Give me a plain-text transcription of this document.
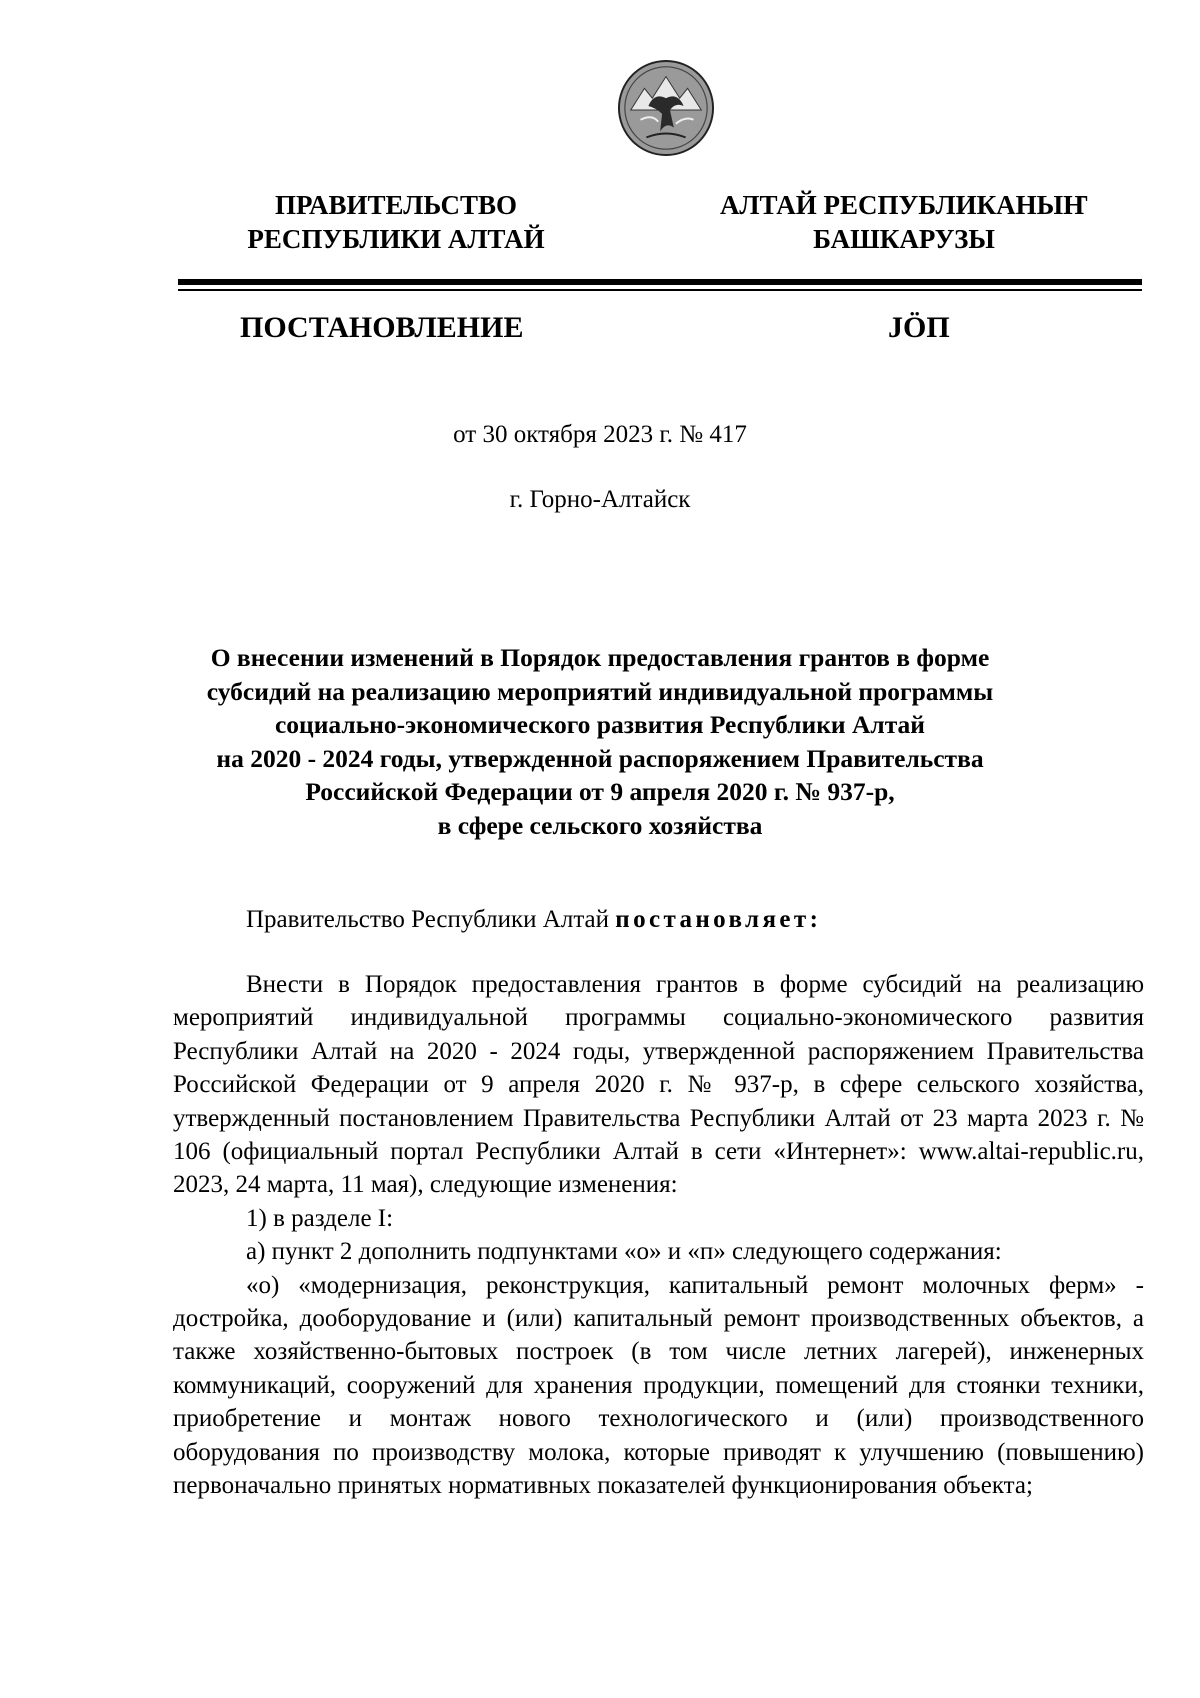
ПРАВИТЕЛЬСТВО
РЕСПУБЛИКИ АЛТАЙ
АЛТАЙ РЕСПУБЛИКАНЫҤ
БАШКАРУЗЫ
ПОСТАНОВЛЕНИЕ	JӦП
от 30 октября 2023 г. № 417
г. Горно-Алтайск
О внесении изменений в Порядок предоставления грантов в форме
субсидий на реализацию мероприятий индивидуальной программы
социально-экономического развития Республики Алтай
на 2020 - 2024 годы, утвержденной распоряжением Правительства
Российской Федерации от 9 апреля 2020 г. № 937-р,
в сфере сельского хозяйства
Правительство Республики Алтай постановляет:

Внести в Порядок предоставления грантов в форме субсидий на реализацию мероприятий индивидуальной программы социально-экономического развития Республики Алтай на 2020 - 2024 годы, утвержденной распоряжением Правительства Российской Федерации от 9 апреля 2020 г. № 937-р, в сфере сельского хозяйства, утвержденный постановлением Правительства Республики Алтай от 23 марта 2023 г. № 106 (официальный портал Республики Алтай в сети «Интернет»: www.altai-republic.ru, 2023, 24 марта, 11 мая), следующие изменения:

1) в разделе I:

а) пункт 2 дополнить подпунктами «о» и «п» следующего содержания:

«о) «модернизация, реконструкция, капитальный ремонт молочных ферм» - достройка, дооборудование и (или) капитальный ремонт производственных объектов, а также хозяйственно-бытовых построек (в том числе летних лагерей), инженерных коммуникаций, сооружений для хранения продукции, помещений для стоянки техники, приобретение и монтаж нового технологического и (или) производственного оборудования по производству молока, которые приводят к улучшению (повышению) первоначально принятых нормативных показателей функционирования объекта;
